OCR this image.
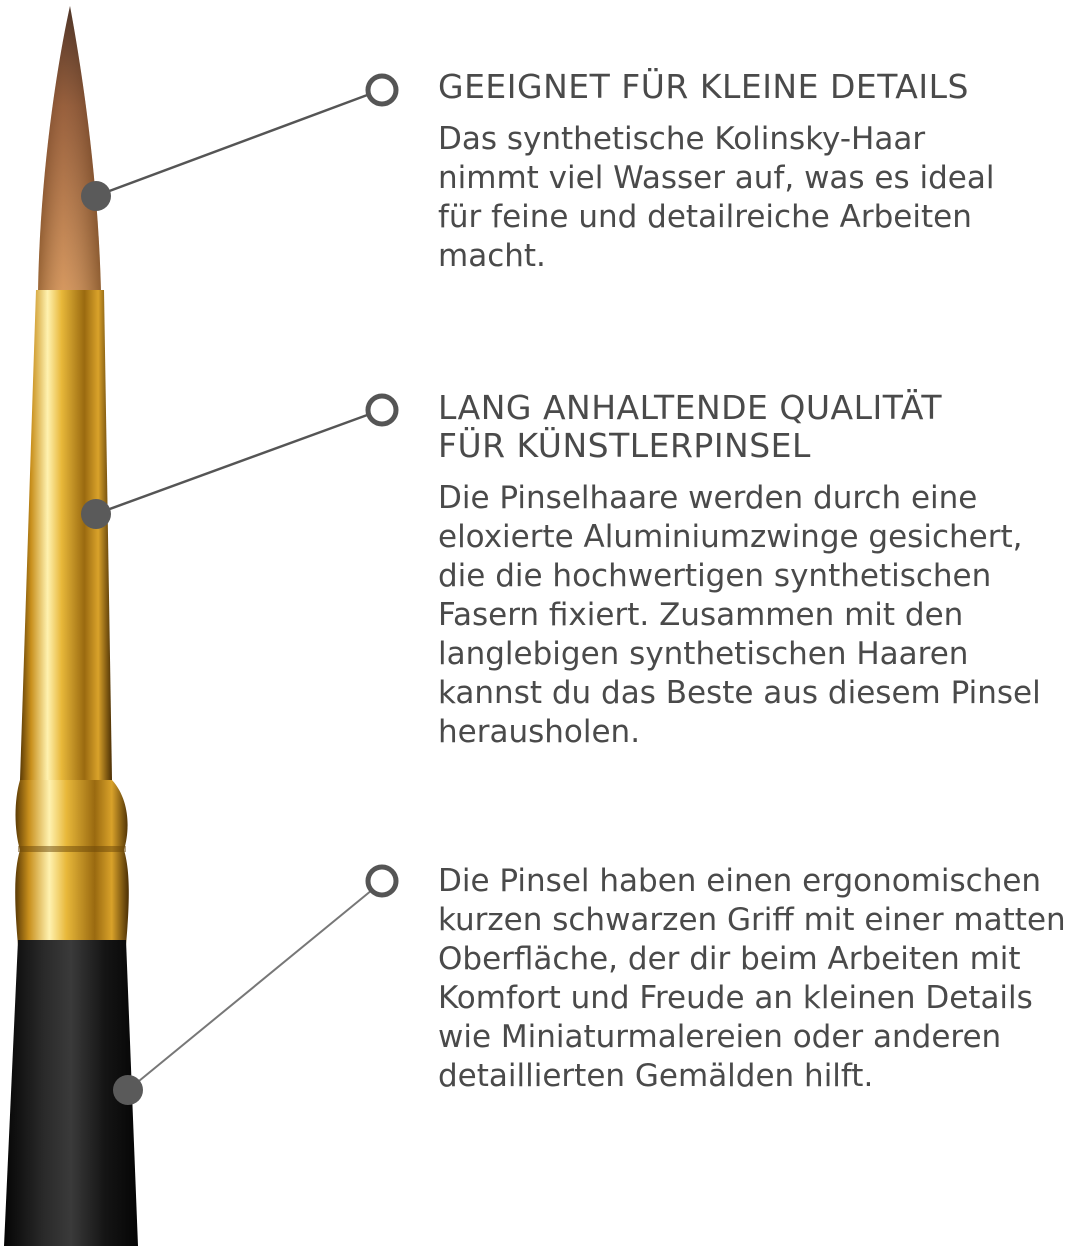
GEEIGNET FÜR KLEINE DETAILS

Das synthetische Kolinsky-Haar
nimmt viel Wasser auf, was es ideal
für feine und detailreiche Arbeiten
macht.

LANG ANHALTENDE QUALITÄT
FÜR KÜNSTLERPINSEL

Die Pinselhaare werden durch eine
eloxierte Aluminiumzwinge gesichert,
die die hochwertigen synthetischen
Fasern fixiert. Zusammen mit den
langlebigen synthetischen Haaren
kannst du das Beste aus diesem Pinsel
herausholen.

Die Pinsel haben einen ergonomischen
kurzen schwarzen Griff mit einer matten
Oberfläche, der dir beim Arbeiten mit
Komfort und Freude an kleinen Details
wie Miniaturmalereien oder anderen
detaillierten Gemälden hilft.
